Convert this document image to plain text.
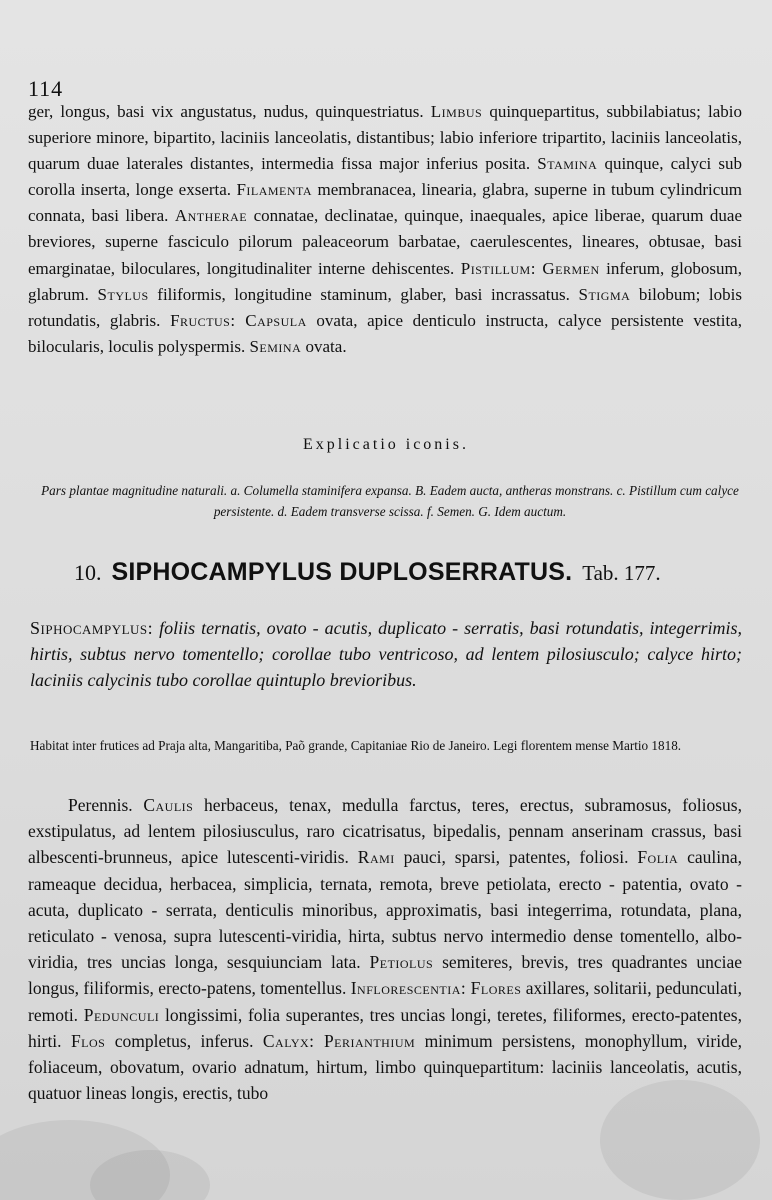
114
ger, longus, basi vix angustatus, nudus, quinquestriatus. Limbus quinquepartitus, subbilabiatus; labio superiore minore, bipartito, laciniis lanceolatis, distantibus; labio inferiore tripartito, laciniis lanceolatis, quarum duae laterales distantes, intermedia fissa major inferius posita. Stamina quinque, calyci sub corolla inserta, longe exserta. Filamenta membranacea, linearia, glabra, superne in tubum cylindricum connata, basi libera. Antherae connatae, declinatae, quinque, inaequales, apice liberae, quarum duae breviores, superne fasciculo pilorum paleaceorum barbatae, caerulescentes, lineares, obtusae, basi emarginatae, biloculares, longitudinaliter interne dehiscentes. Pistillum: Germen inferum, globosum, glabrum. Stylus filiformis, longitudine staminum, glaber, basi incrassatus. Stigma bilobum; lobis rotundatis, glabris. Fructus: Capsula ovata, apice denticulo instructa, calyce persistente vestita, bilocularis, loculis polyspermis. Semina ovata.
Explicatio iconis.
Pars plantae magnitudine naturali. a. Columella staminifera expansa. B. Eadem aucta, antheras monstrans. c. Pistillum cum calyce persistente. d. Eadem transverse scissa. f. Semen. G. Idem auctum.
10. SIPHOCAMPYLUS DUPLOSERRATUS. Tab. 177.
Siphocampylus: foliis ternatis, ovato - acutis, duplicato - serratis, basi rotundatis, integerrimis, hirtis, subtus nervo tomentello; corollae tubo ventricoso, ad lentem pilosiusculo; calyce hirto; laciniis calycinis tubo corollae quintuplo brevioribus.
Habitat inter frutices ad Praja alta, Mangaritiba, Paõ grande, Capitaniae Rio de Janeiro. Legi florentem mense Martio 1818.
Perennis. Caulis herbaceus, tenax, medulla farctus, teres, erectus, subramosus, foliosus, exstipulatus, ad lentem pilosiusculus, raro cicatrisatus, bipedalis, pennam anserinam crassus, basi albescenti-brunneus, apice lutescenti-viridis. Rami pauci, sparsi, patentes, foliosi. Folia caulina, rameaque decidua, herbacea, simplicia, ternata, remota, breve petiolata, erecto - patentia, ovato - acuta, duplicato - serrata, denticulis minoribus, approximatis, basi integerrima, rotundata, plana, reticulato - venosa, supra lutescenti-viridia, hirta, subtus nervo intermedio dense tomentello, albo-viridia, tres uncias longa, sesquiunciam lata. Petiolus semiteres, brevis, tres quadrantes unciae longus, filiformis, erecto-patens, tomentellus. Inflorescentia: Flores axillares, solitarii, pedunculati, remoti. Pedunculi longissimi, folia superantes, tres uncias longi, teretes, filiformes, erecto-patentes, hirti. Flos completus, inferus. Calyx: Perianthium minimum persistens, monophyllum, viride, foliaceum, obovatum, ovario adnatum, hirtum, limbo quinquepartitum: laciniis lanceolatis, acutis, quatuor lineas longis, erectis, tubo
